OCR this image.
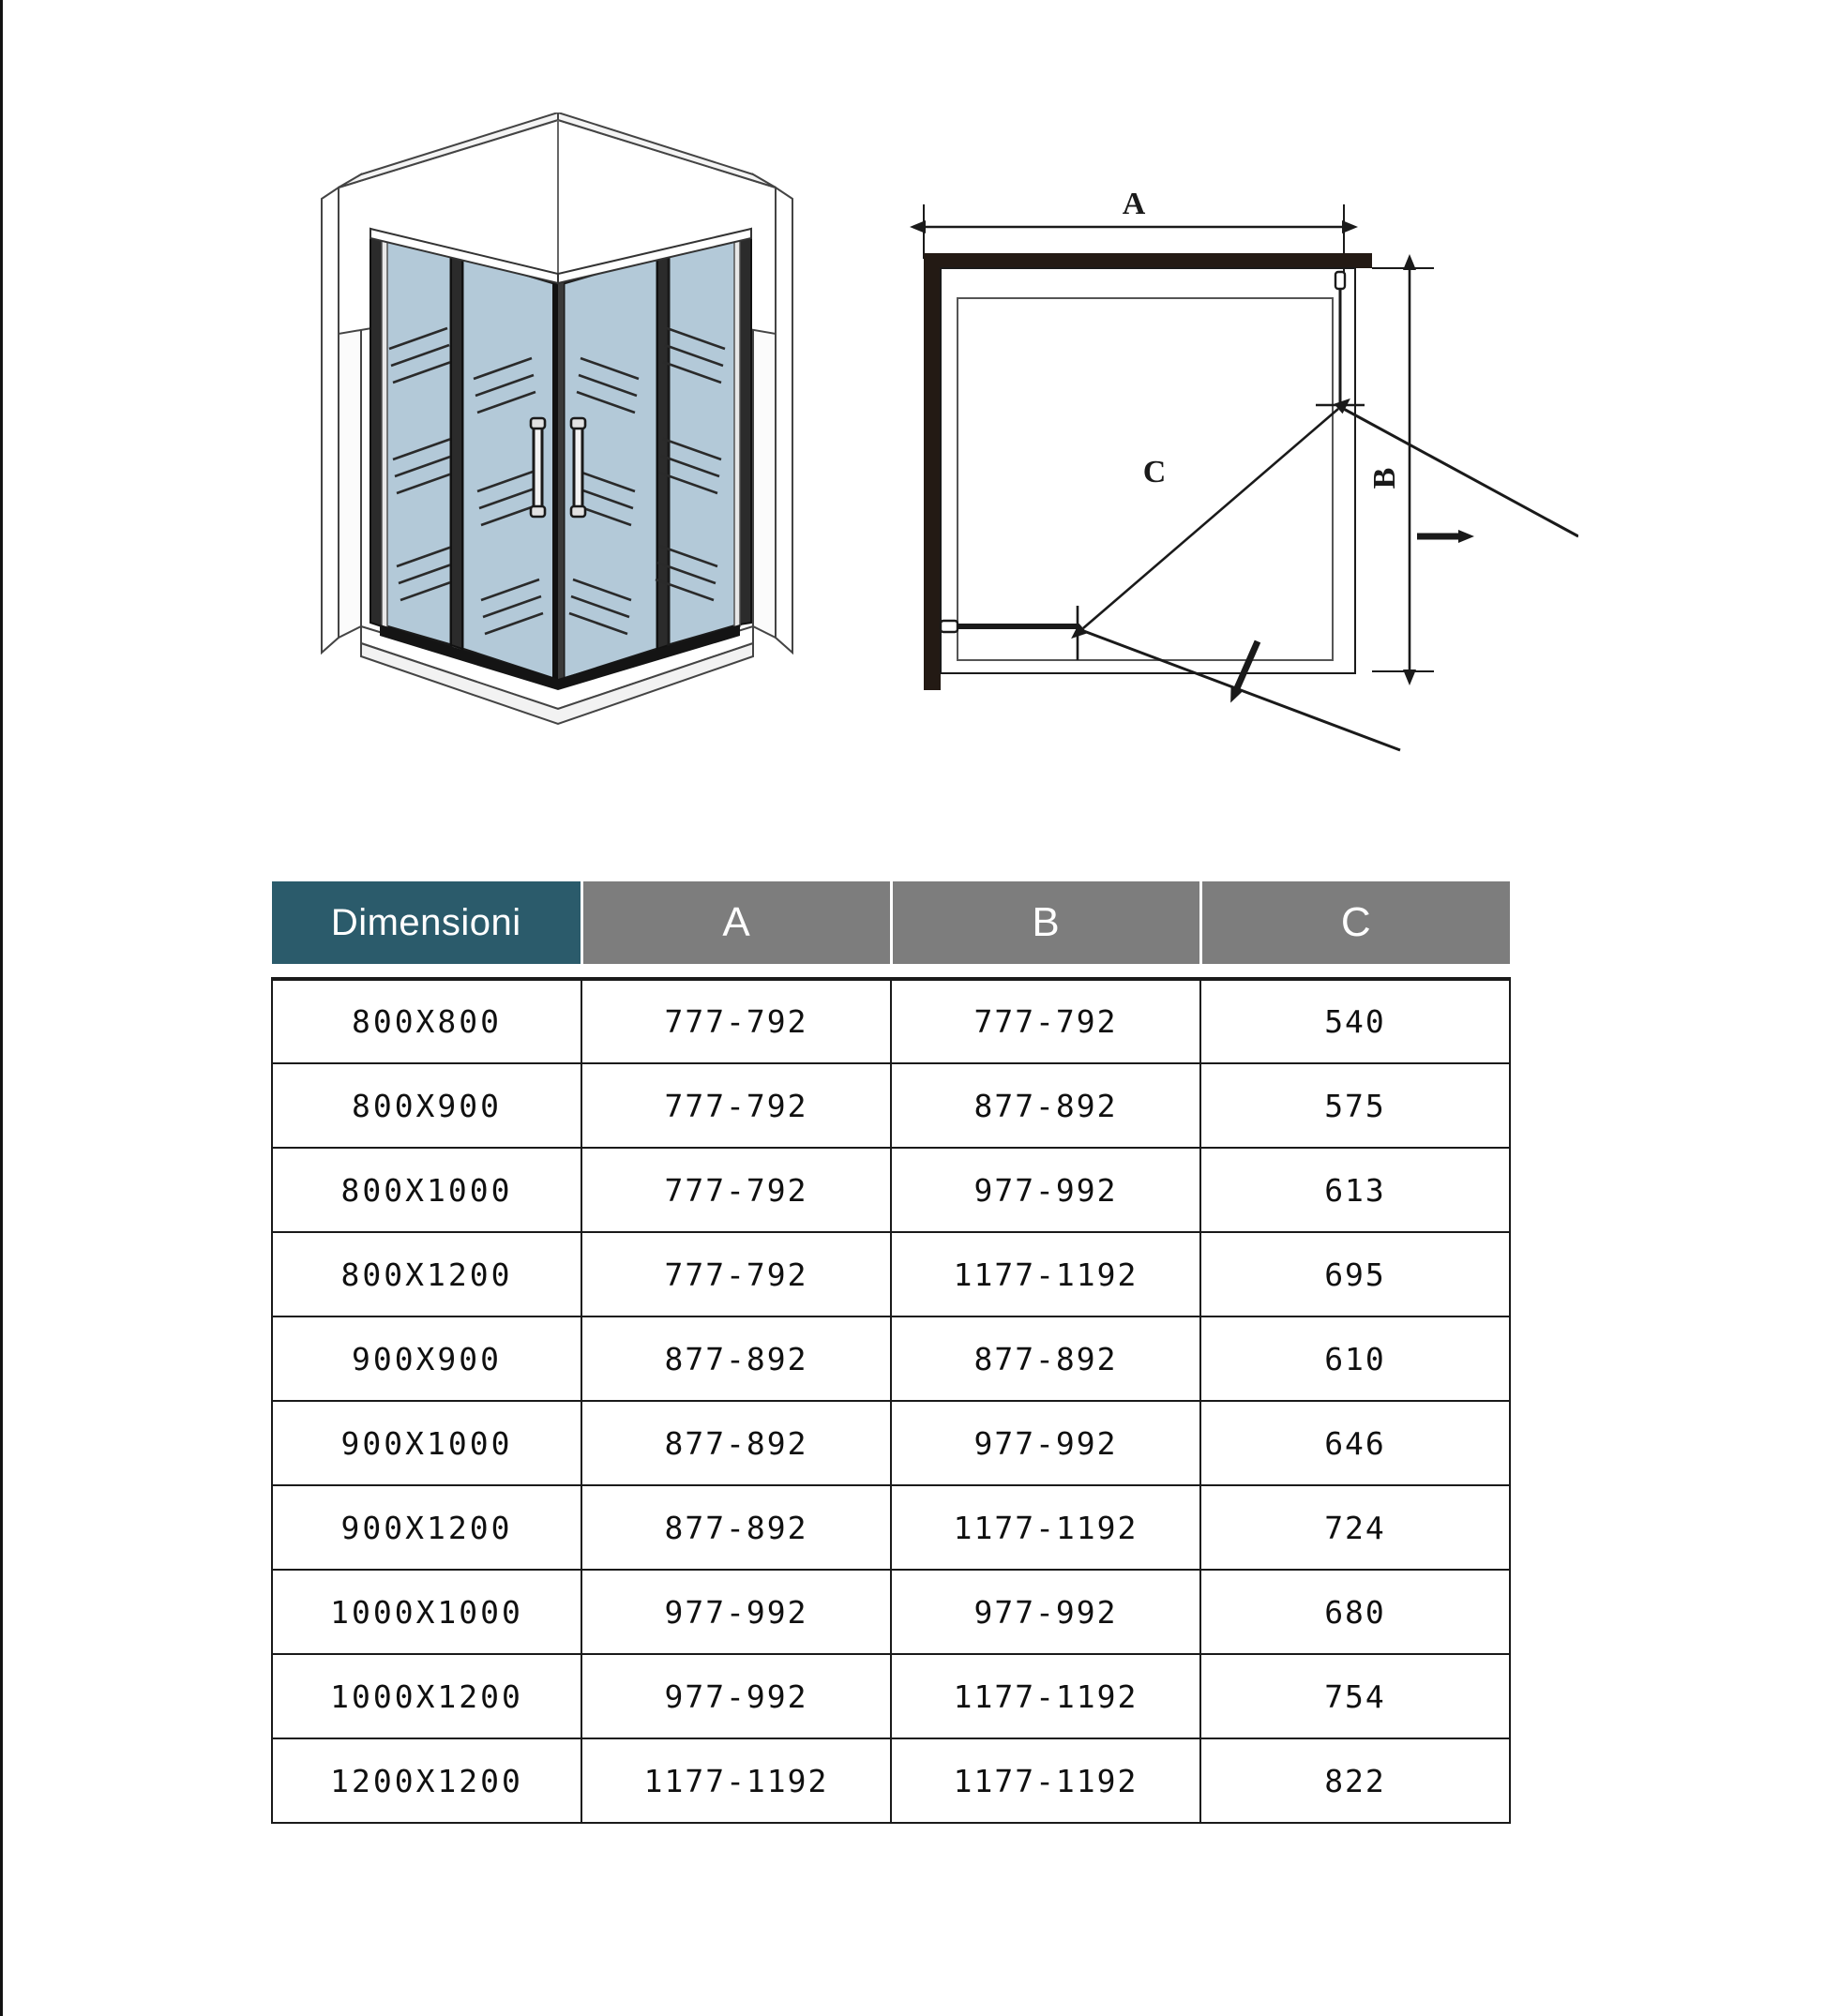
A
C	B
Dimensioni	A	B	C

800X800	777-792	777-792	540
800X900	777-792	877-892	575
800X1000	777-792	977-992	613
800X1200	777-792	1177-1192	695
900X900	877-892	877-892	610
900X1000	877-892	977-992	646
900X1200	877-892	1177-1192	724
1000X1000	977-992	977-992	680
1000X1200	977-992	1177-1192	754
1200X1200	1177-1192	1177-1192	822
